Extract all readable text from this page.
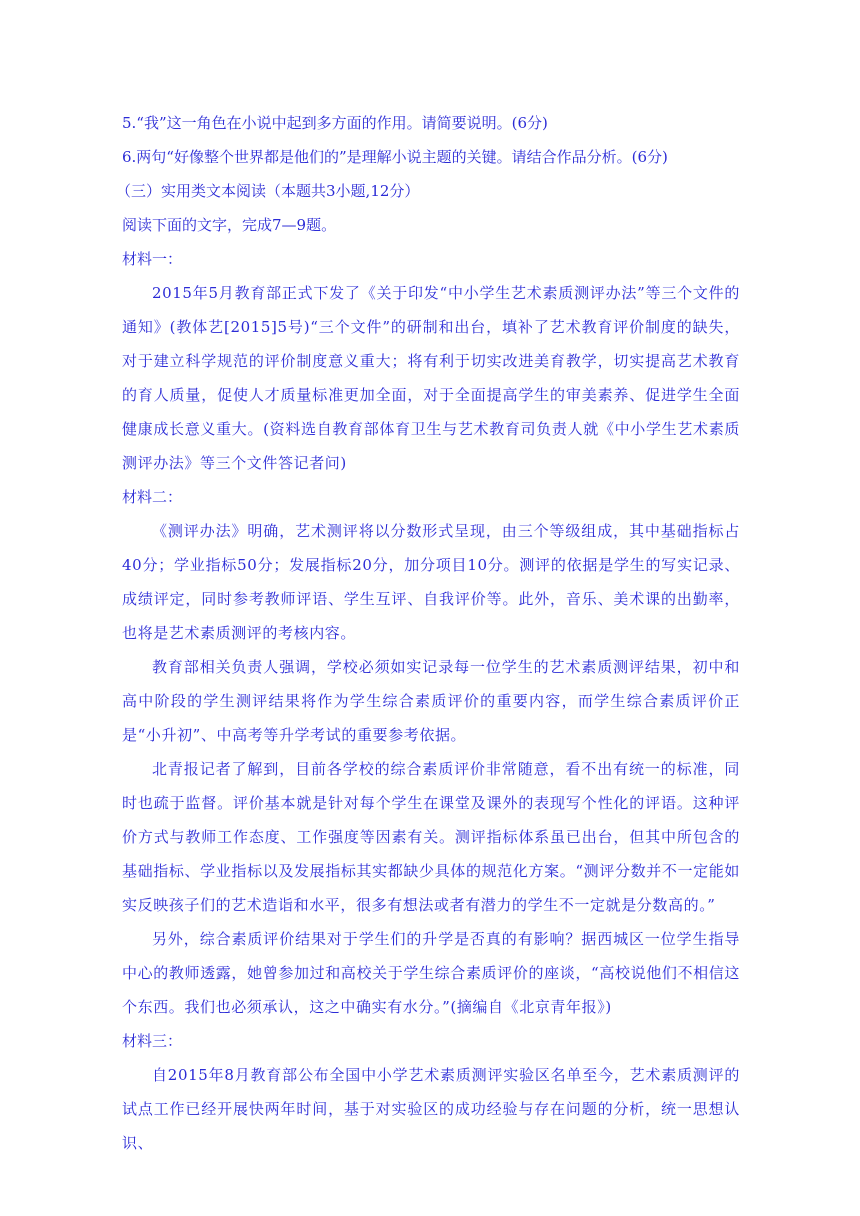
5.“我”这一角色在小说中起到多方面的作用。请简要说明。(6分)

6.两句“好像整个世界都是他们的”是理解小说主题的关键。请结合作品分析。(6分)

（三）实用类文本阅读（本题共3小题,12分）

阅读下面的文字，完成7—9题。

材料一：

2015年5月教育部正式下发了《关于印发“中小学生艺术素质测评办法”等三个文件的通知》(教体艺[2015]5号)“三个文件”的研制和出台，填补了艺术教育评价制度的缺失，对于建立科学规范的评价制度意义重大；将有利于切实改进美育教学，切实提高艺术教育的育人质量，促使人才质量标准更加全面，对于全面提高学生的审美素养、促进学生全面健康成长意义重大。(资料选自教育部体育卫生与艺术教育司负责人就《中小学生艺术素质测评办法》等三个文件答记者问)

材料二：

《测评办法》明确，艺术测评将以分数形式呈现，由三个等级组成，其中基础指标占40分；学业指标50分；发展指标20分，加分项目10分。测评的依据是学生的写实记录、成绩评定，同时参考教师评语、学生互评、自我评价等。此外，音乐、美术课的出勤率，也将是艺术素质测评的考核内容。

教育部相关负责人强调，学校必须如实记录每一位学生的艺术素质测评结果，初中和高中阶段的学生测评结果将作为学生综合素质评价的重要内容，而学生综合素质评价正是“小升初”、中高考等升学考试的重要参考依据。

北青报记者了解到，目前各学校的综合素质评价非常随意，看不出有统一的标准，同时也疏于监督。评价基本就是针对每个学生在课堂及课外的表现写个性化的评语。这种评价方式与教师工作态度、工作强度等因素有关。测评指标体系虽已出台，但其中所包含的基础指标、学业指标以及发展指标其实都缺少具体的规范化方案。“测评分数并不一定能如实反映孩子们的艺术造诣和水平，很多有想法或者有潜力的学生不一定就是分数高的。”

另外，综合素质评价结果对于学生们的升学是否真的有影响？据西城区一位学生指导中心的教师透露，她曾参加过和高校关于学生综合素质评价的座谈，“高校说他们不相信这个东西。我们也必须承认，这之中确实有水分。”(摘编自《北京青年报》)

材料三：

自2015年8月教育部公布全国中小学艺术素质测评实验区名单至今，艺术素质测评的试点工作已经开展快两年时间，基于对实验区的成功经验与存在问题的分析，统一思想认识、
